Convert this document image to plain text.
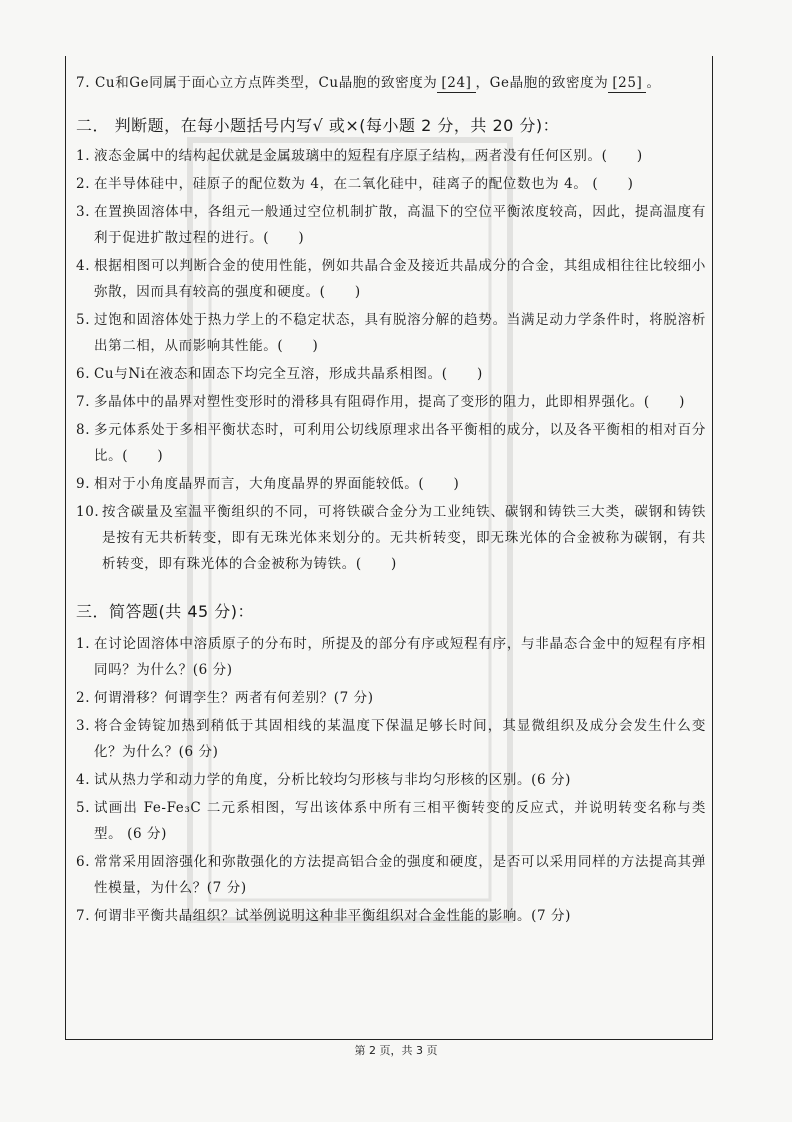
7. Cu和Ge同属于面心立方点阵类型，Cu晶胞的致密度为 [24] ，Ge晶胞的致密度为 [25] 。
二． 判断题，在每小题括号内写√ 或×(每小题 2 分，共 20 分)：
1. 液态金属中的结构起伏就是金属玻璃中的短程有序原子结构，两者没有任何区别。(      )
2. 在半导体硅中，硅原子的配位数为 4，在二氧化硅中，硅离子的配位数也为 4。 (      )
3. 在置换固溶体中，各组元一般通过空位机制扩散，高温下的空位平衡浓度较高，因此，提高温度有利于促进扩散过程的进行。(      )
4. 根据相图可以判断合金的使用性能，例如共晶合金及接近共晶成分的合金，其组成相往往比较细小弥散，因而具有较高的强度和硬度。(      )
5. 过饱和固溶体处于热力学上的不稳定状态，具有脱溶分解的趋势。当满足动力学条件时，将脱溶析出第二相，从而影响其性能。(      )
6. Cu与Ni在液态和固态下均完全互溶，形成共晶系相图。(      )
7. 多晶体中的晶界对塑性变形时的滑移具有阻碍作用，提高了变形的阻力，此即相界强化。(      )
8. 多元体系处于多相平衡状态时，可利用公切线原理求出各平衡相的成分，以及各平衡相的相对百分比。(      )
9. 相对于小角度晶界而言，大角度晶界的界面能较低。(      )
10. 按含碳量及室温平衡组织的不同，可将铁碳合金分为工业纯铁、碳钢和铸铁三大类，碳钢和铸铁是按有无共析转变，即有无珠光体来划分的。无共析转变，即无珠光体的合金被称为碳钢，有共析转变，即有珠光体的合金被称为铸铁。(      )
三．简答题(共 45 分)：
1. 在讨论固溶体中溶质原子的分布时，所提及的部分有序或短程有序，与非晶态合金中的短程有序相同吗？为什么？(6 分)
2. 何谓滑移？何谓孪生？两者有何差别？(7 分)
3. 将合金铸锭加热到稍低于其固相线的某温度下保温足够长时间，其显微组织及成分会发生什么变化？为什么？(6 分)
4. 试从热力学和动力学的角度，分析比较均匀形核与非均匀形核的区别。(6 分)
5. 试画出 Fe-Fe₃C 二元系相图，写出该体系中所有三相平衡转变的反应式，并说明转变名称与类型。 (6 分)
6. 常常采用固溶强化和弥散强化的方法提高铝合金的强度和硬度，是否可以采用同样的方法提高其弹性模量，为什么？(7 分)
7. 何谓非平衡共晶组织？试举例说明这种非平衡组织对合金性能的影响。(7 分)
第 2 页，共 3 页
